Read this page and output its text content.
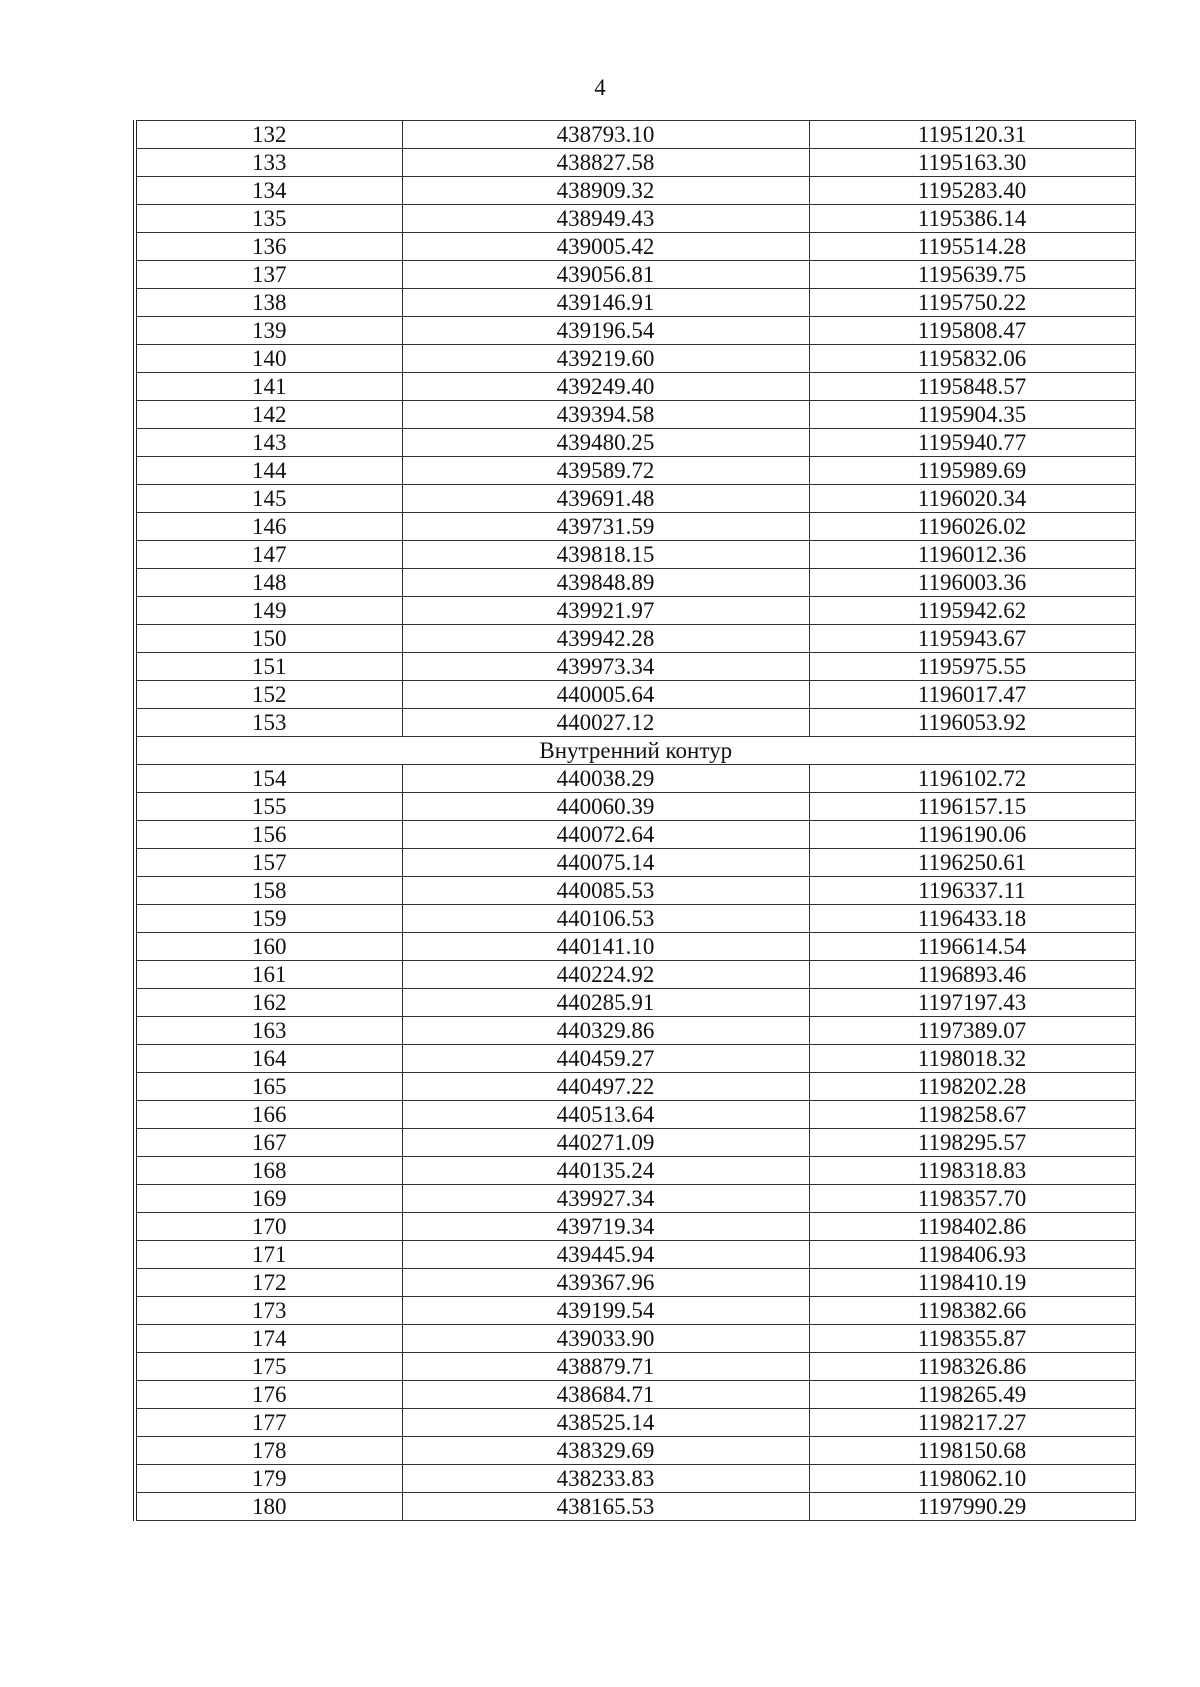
4
132	438793.10	1195120.31
133	438827.58	1195163.30
134	438909.32	1195283.40
135	438949.43	1195386.14
136	439005.42	1195514.28
137	439056.81	1195639.75
138	439146.91	1195750.22
139	439196.54	1195808.47
140	439219.60	1195832.06
141	439249.40	1195848.57
142	439394.58	1195904.35
143	439480.25	1195940.77
144	439589.72	1195989.69
145	439691.48	1196020.34
146	439731.59	1196026.02
147	439818.15	1196012.36
148	439848.89	1196003.36
149	439921.97	1195942.62
150	439942.28	1195943.67
151	439973.34	1195975.55
152	440005.64	1196017.47
153	440027.12	1196053.92
Внутренний контур		
154	440038.29	1196102.72
155	440060.39	1196157.15
156	440072.64	1196190.06
157	440075.14	1196250.61
158	440085.53	1196337.11
159	440106.53	1196433.18
160	440141.10	1196614.54
161	440224.92	1196893.46
162	440285.91	1197197.43
163	440329.86	1197389.07
164	440459.27	1198018.32
165	440497.22	1198202.28
166	440513.64	1198258.67
167	440271.09	1198295.57
168	440135.24	1198318.83
169	439927.34	1198357.70
170	439719.34	1198402.86
171	439445.94	1198406.93
172	439367.96	1198410.19
173	439199.54	1198382.66
174	439033.90	1198355.87
175	438879.71	1198326.86
176	438684.71	1198265.49
177	438525.14	1198217.27
178	438329.69	1198150.68
179	438233.83	1198062.10
180	438165.53	1197990.29
